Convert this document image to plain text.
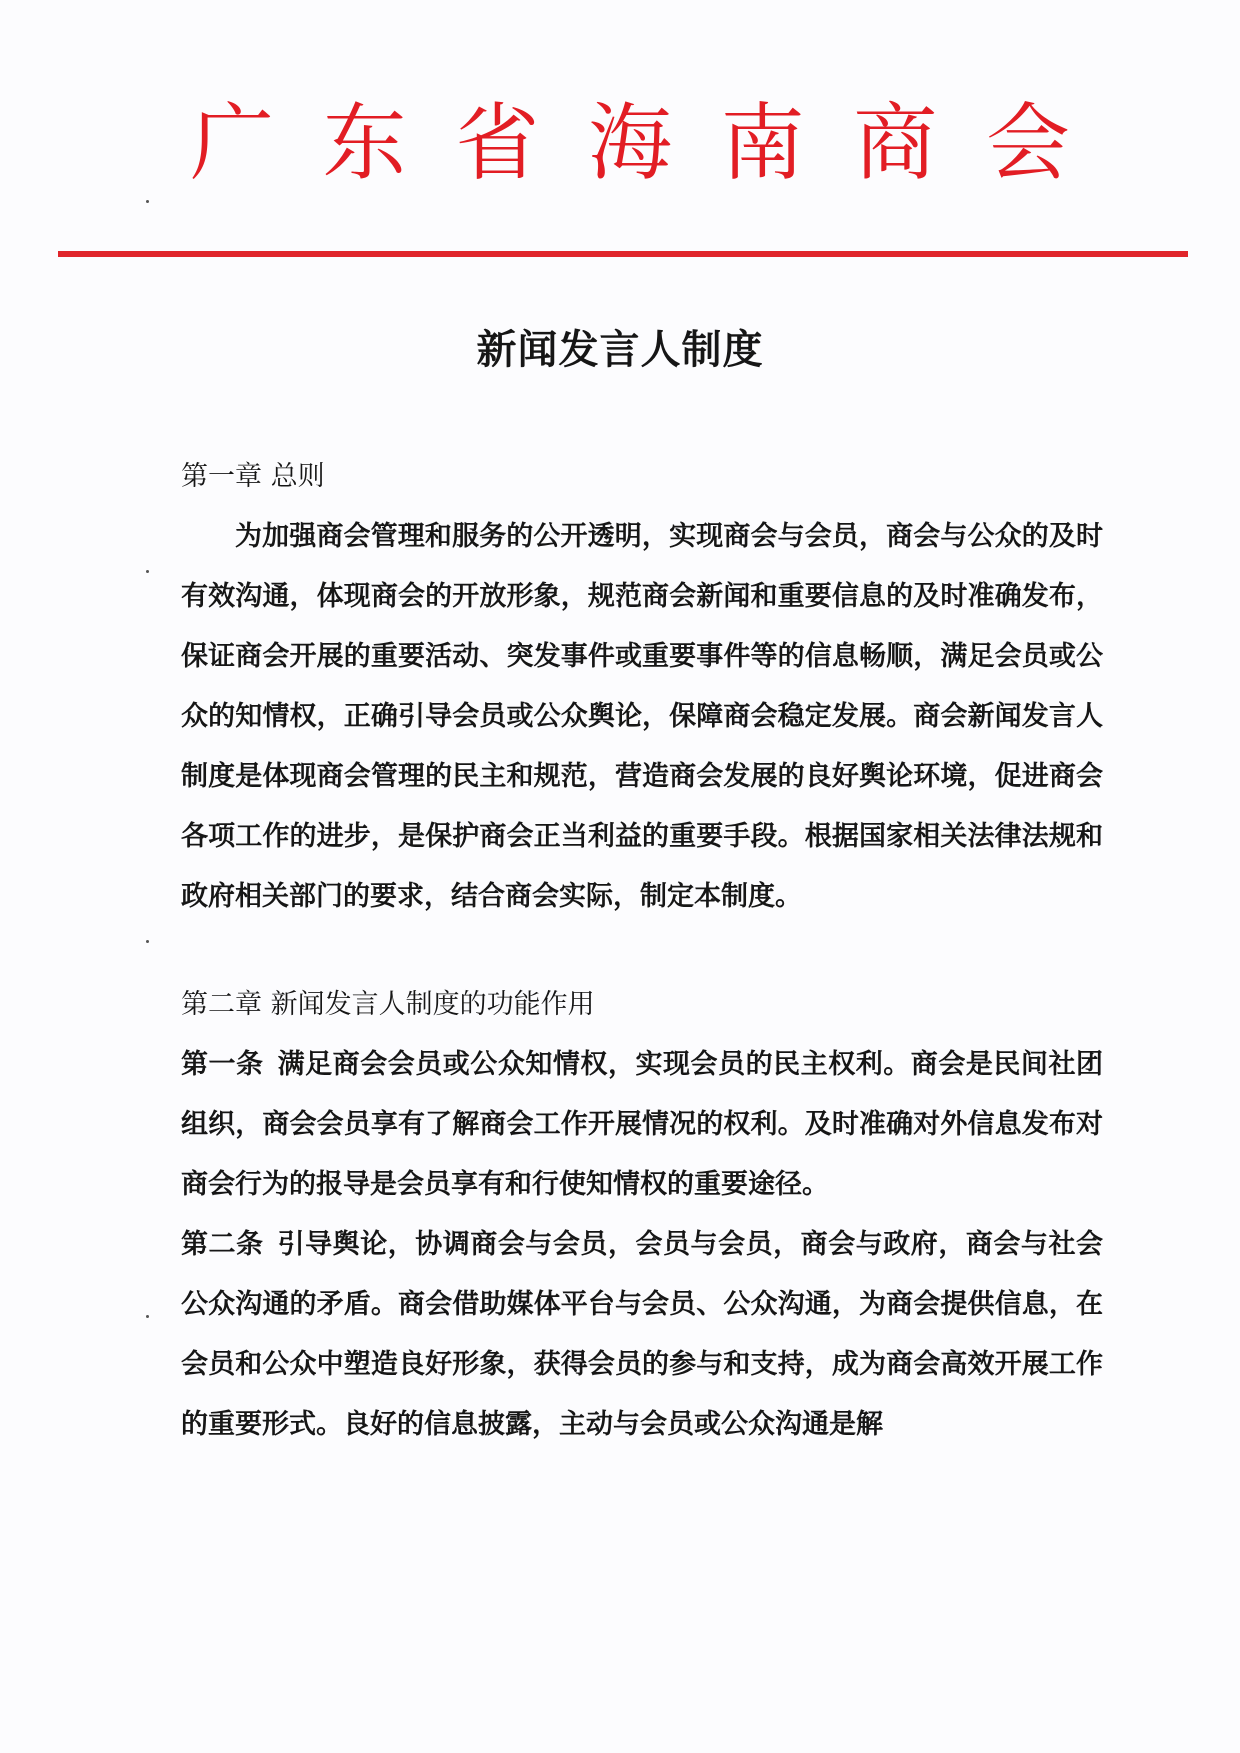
广 东 省 海 南 商 会
新闻发言人制度

第一章 总则

为加强商会管理和服务的公开透明，实现商会与会员，商会与公众的及时有效沟通，体现商会的开放形象，规范商会新闻和重要信息的及时准确发布，保证商会开展的重要活动、突发事件或重要事件等的信息畅顺，满足会员或公众的知情权，正确引导会员或公众舆论，保障商会稳定发展。商会新闻发言人制度是体现商会管理的民主和规范，营造商会发展的良好舆论环境，促进商会各项工作的进步，是保护商会正当利益的重要手段。根据国家相关法律法规和政府相关部门的要求，结合商会实际，制定本制度。

第二章 新闻发言人制度的功能作用

第一条 满足商会会员或公众知情权，实现会员的民主权利。商会是民间社团组织，商会会员享有了解商会工作开展情况的权利。及时准确对外信息发布对商会行为的报导是会员享有和行使知情权的重要途径。

第二条 引导舆论，协调商会与会员，会员与会员，商会与政府，商会与社会公众沟通的矛盾。商会借助媒体平台与会员、公众沟通，为商会提供信息，在会员和公众中塑造良好形象，获得会员的参与和支持，成为商会高效开展工作的重要形式。良好的信息披露，主动与会员或公众沟通是解
